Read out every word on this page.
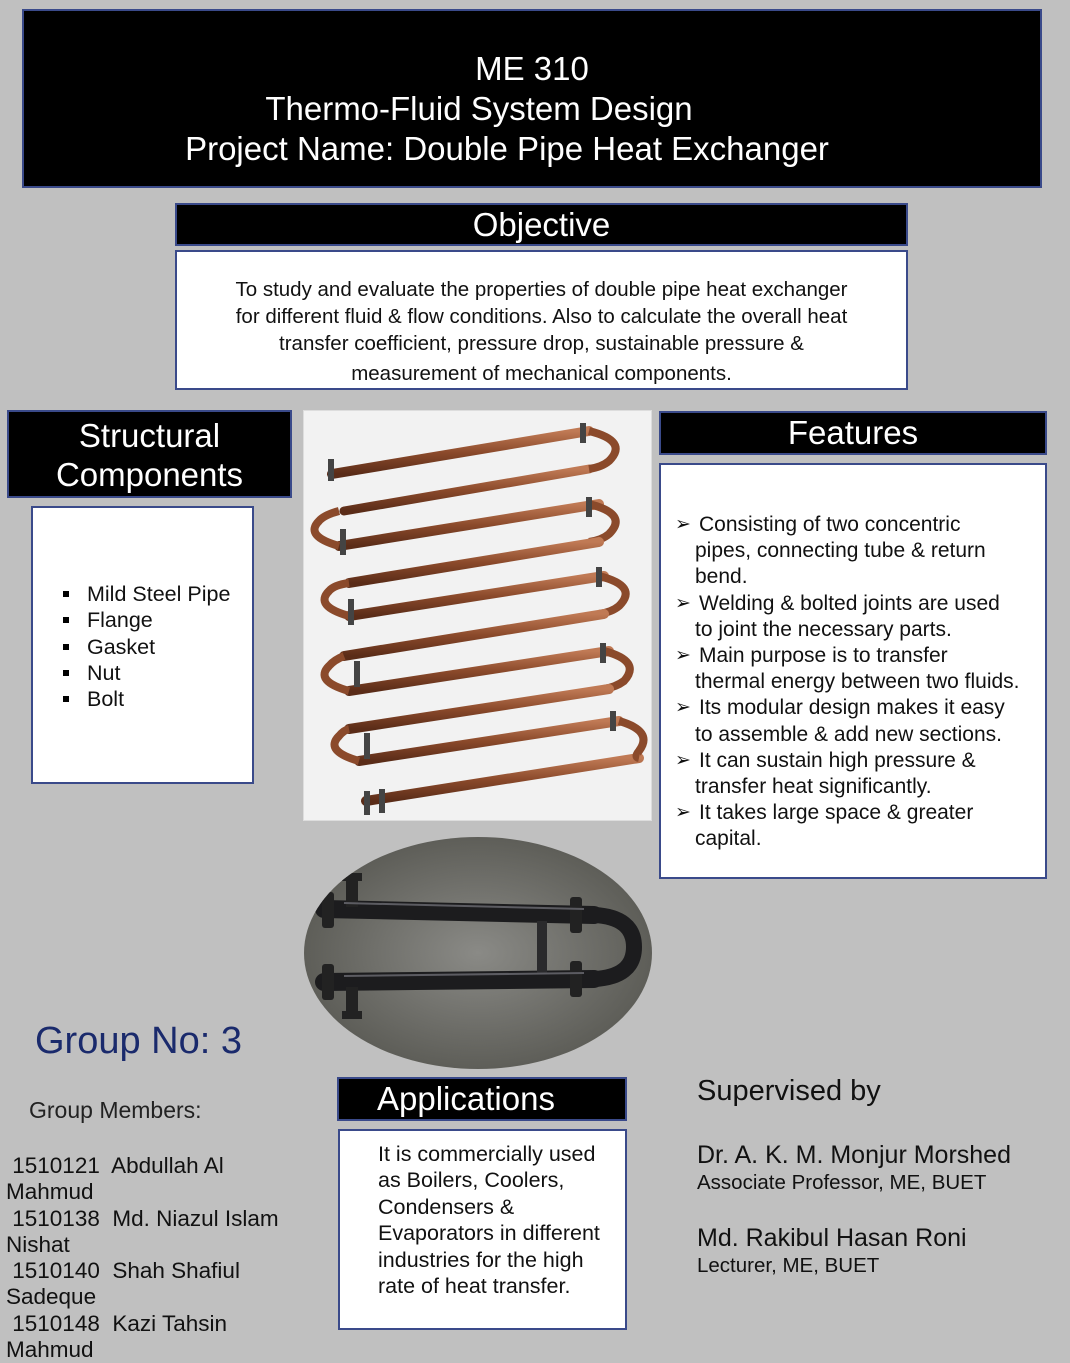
ME 310
Thermo-Fluid System Design
Project Name: Double Pipe Heat Exchanger
Objective
To study and evaluate the properties of double pipe heat exchanger
for different fluid & flow conditions. Also to calculate the overall heat
transfer coefficient, pressure drop, sustainable pressure &
measurement of mechanical components.
Structural
Components
Mild Steel Pipe
Flange
Gasket
Nut
Bolt
Features
➢ Consisting of two concentric
pipes, connecting tube & return
bend.
➢ Welding & bolted joints are used
to joint the necessary parts.
➢ Main purpose is to transfer
thermal energy between two fluids.
➢ Its modular design makes it easy
to assemble & add new sections.
➢ It can sustain high pressure &
transfer heat significantly.
➢ It takes large space & greater
capital.
Group No: 3
Group Members:
1510121  Abdullah Al
Mahmud
1510138  Md. Niazul Islam
Nishat
1510140  Shah Shafiul
Sadeque
1510148  Kazi Tahsin
Mahmud
Applications
It is commercially used
as Boilers, Coolers,
Condensers &
Evaporators in different
industries for the high
rate of heat transfer.
Supervised by
Dr. A. K. M. Monjur Morshed
Associate Professor, ME, BUET
Md. Rakibul Hasan Roni
Lecturer, ME, BUET
